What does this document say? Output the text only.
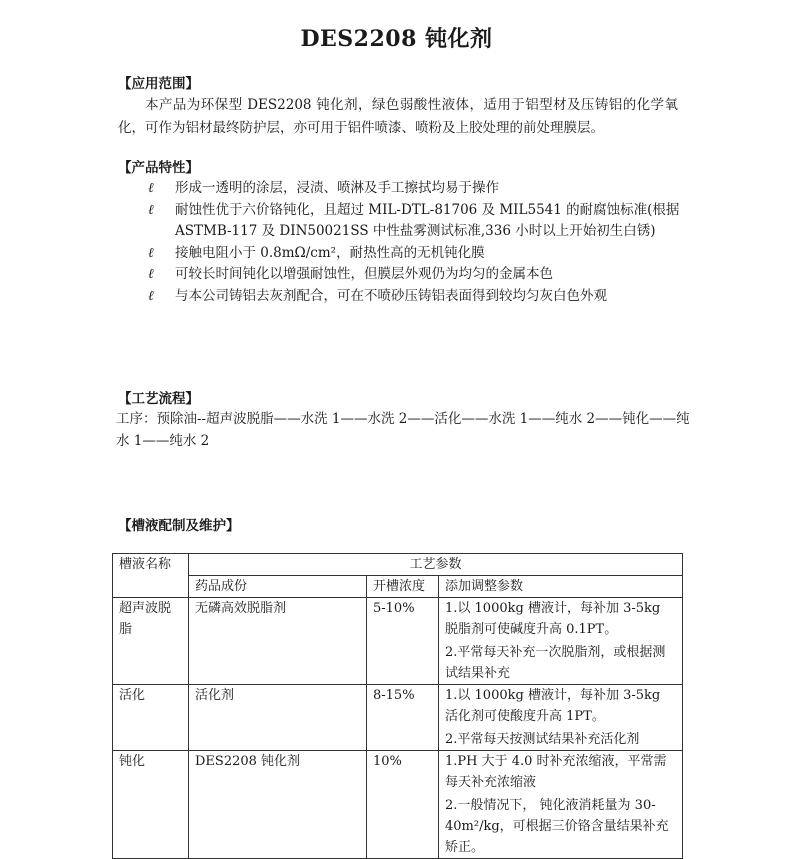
DES2208 钝化剂
【应用范围】
本产品为环保型 DES2208 钝化剂，绿色弱酸性液体，适用于铝型材及压铸铝的化学氧化，可作为铝材最终防护层，亦可用于铝件喷漆、喷粉及上胶处理的前处理膜层。
【产品特性】
ℓ	形成一透明的涂层，浸渍、喷淋及手工擦拭均易于操作
ℓ	耐蚀性优于六价铬钝化，且超过 MIL-DTL-81706 及 MIL5541 的耐腐蚀标准(根据 ASTMB-117 及 DIN50021SS 中性盐雾测试标准,336 小时以上开始初生白锈)
ℓ	接触电阻小于 0.8mΩ/cm²，耐热性高的无机钝化膜
ℓ	可较长时间钝化以增强耐蚀性，但膜层外观仍为均匀的金属本色
ℓ	与本公司铸铝去灰剂配合，可在不喷砂压铸铝表面得到较均匀灰白色外观
【工艺流程】
工序：预除油--超声波脱脂——水洗 1——水洗 2——活化——水洗 1——纯水 2——钝化——纯水 1——纯水 2
【槽液配制及维护】
槽液名称	工艺参数		
	药品成份	开槽浓度	添加调整参数
超声波脱脂	无磷高效脱脂剂	5-10%	1.以 1000kg 槽液计，每补加 3-5kg 脱脂剂可使碱度升高 0.1PT。

2.平常每天补充一次脱脂剂，或根据测试结果补充

活化	活化剂	8-15%	1.以 1000kg 槽液计，每补加 3-5kg 活化剂可使酸度升高 1PT。

2.平常每天按测试结果补充活化剂

钝化	DES2208 钝化剂	10%	1.PH 大于 4.0 时补充浓缩液，平常需每天补充浓缩液

2.一般情况下， 钝化液消耗量为 30-40m²/kg，可根据三价铬含量结果补充矫正。
